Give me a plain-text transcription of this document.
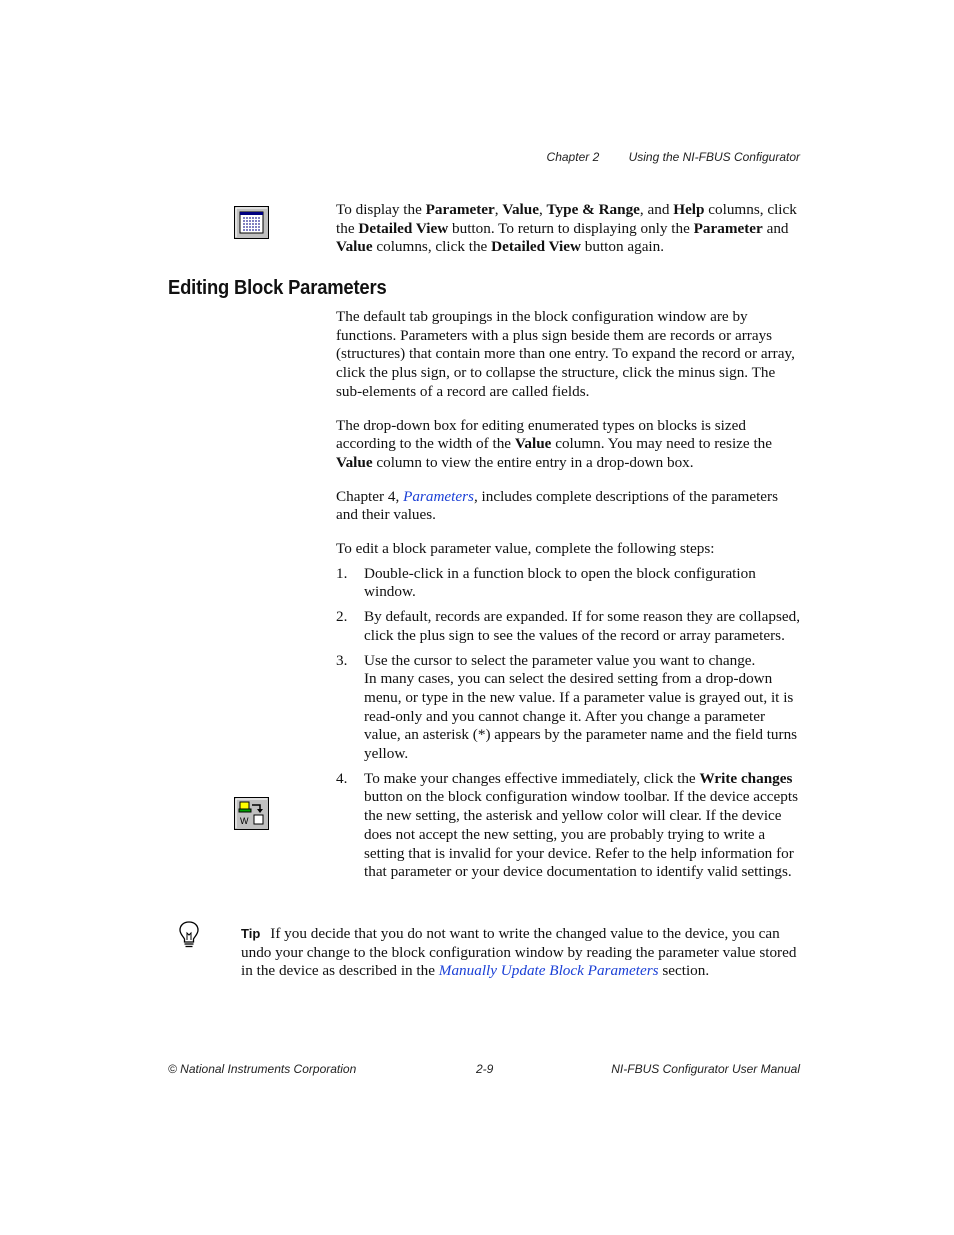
Chapter 2 Using the NI-FBUS Configurator

To display the Parameter, Value, Type & Range, and Help columns, click the Detailed View button. To return to displaying only the Parameter and Value columns, click the Detailed View button again.

Editing Block Parameters

The default tab groupings in the block configuration window are by functions. Parameters with a plus sign beside them are records or arrays (structures) that contain more than one entry. To expand the record or array, click the plus sign, or to collapse the structure, click the minus sign. The sub-elements of a record are called fields.

The drop-down box for editing enumerated types on blocks is sized according to the width of the Value column. You may need to resize the Value column to view the entire entry in a drop-down box.

Chapter 4, Parameters, includes complete descriptions of the parameters and their values.

To edit a block parameter value, complete the following steps:

1. Double-click in a function block to open the block configuration window.
2. By default, records are expanded. If for some reason they are collapsed, click the plus sign to see the values of the record or array parameters.
3. Use the cursor to select the parameter value you want to change.
In many cases, you can select the desired setting from a drop-down menu, or type in the new value. If a parameter value is grayed out, it is read-only and you cannot change it. After you change a parameter value, an asterisk (*) appears by the parameter name and the field turns yellow.
4. To make your changes effective immediately, click the Write changes button on the block configuration window toolbar. If the device accepts the new setting, the asterisk and yellow color will clear. If the device does not accept the new setting, you are probably trying to write a setting that is invalid for your device. Refer to the help information for that parameter or your device documentation to identify valid settings.
W
Tip If you decide that you do not want to write the changed value to the device, you can undo your change to the block configuration window by reading the parameter value stored in the device as described in the Manually Update Block Parameters section.
© National Instruments Corporation	2-9	NI-FBUS Configurator User Manual
